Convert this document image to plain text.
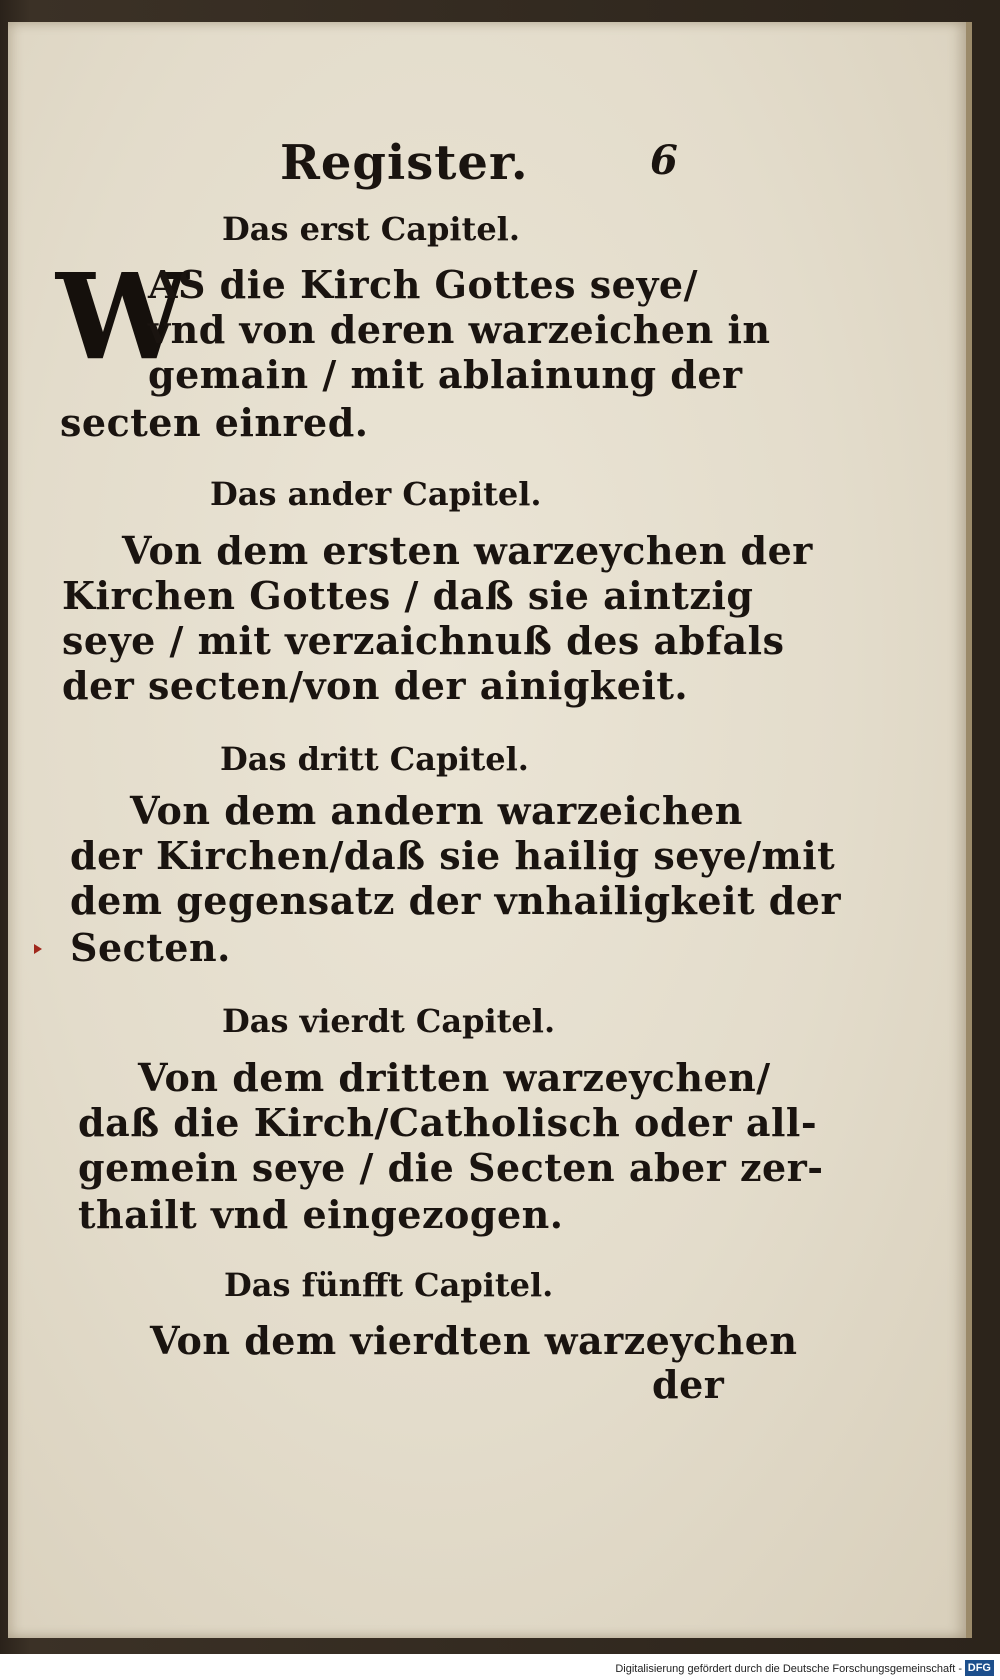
Register.	6
Das erst Capitel.
W
AS die Kirch Gottes seye/
vnd von deren warzeichen in
gemain / mit ablainung der
secten einred.
Das ander Capitel.
Von dem ersten warzeychen der
Kirchen Gottes / daß sie aintzig
seye / mit verzaichnuß des abfals
der secten/von der ainigkeit.
Das dritt Capitel.
Von dem andern warzeichen
der Kirchen/daß sie hailig seye/mit
dem gegensatz der vnhailigkeit der
Secten.
Das vierdt Capitel.
Von dem dritten warzeychen/
daß die Kirch/Catholisch oder all-
gemein seye / die Secten aber zer-
thailt vnd eingezogen.
Das fünfft Capitel.
Von dem vierdten warzeychen
der
Digitalisierung gefördert durch die Deutsche Forschungsgemeinschaft - DFG
